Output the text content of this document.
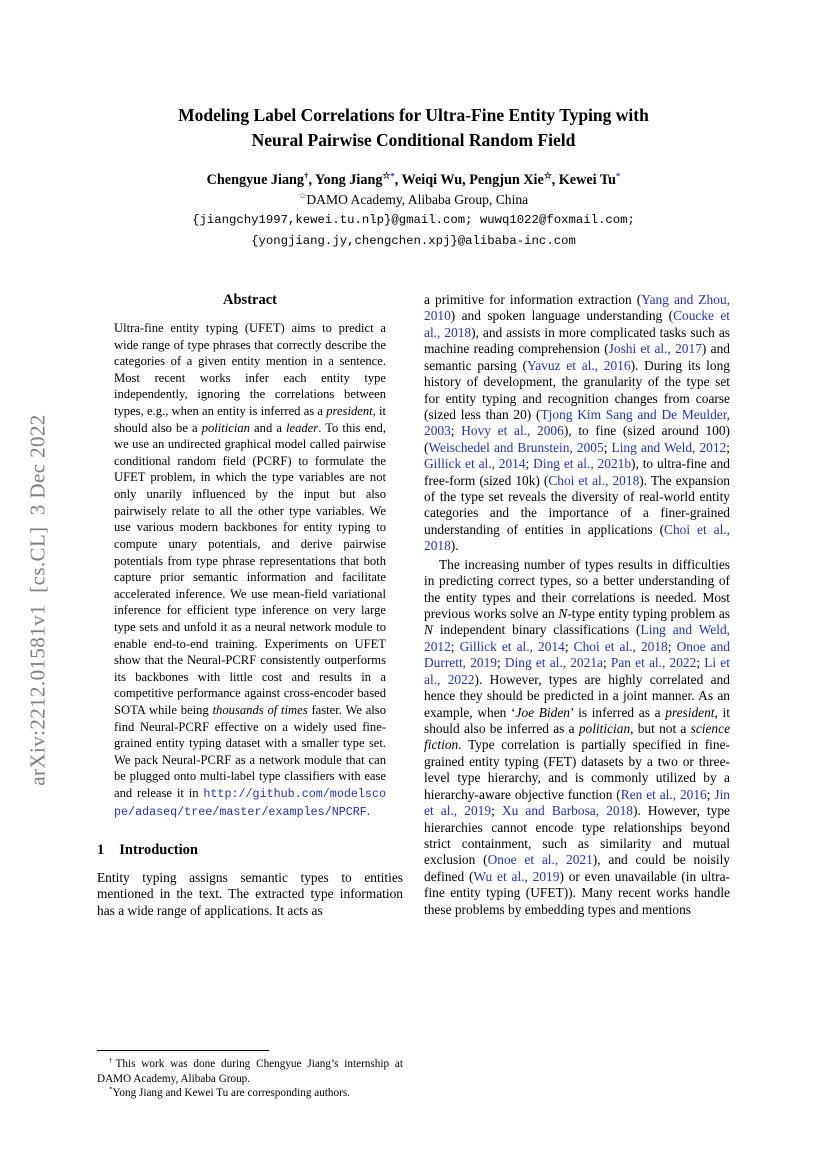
arXiv:2212.01581v1  [cs.CL]  3 Dec 2022
Modeling Label Correlations for Ultra-Fine Entity Typing with
Neural Pairwise Conditional Random Field
Chengyue Jiang†, Yong Jiang☆*, Weiqi Wu, Pengjun Xie☆, Kewei Tu*
☆DAMO Academy, Alibaba Group, China
{jiangchy1997,kewei.tu.nlp}@gmail.com; wuwq1022@foxmail.com;
{yongjiang.jy,chengchen.xpj}@alibaba-inc.com
Abstract
Ultra-fine entity typing (UFET) aims to predict a wide range of type phrases that correctly describe the categories of a given entity mention in a sentence. Most recent works infer each entity type independently, ignoring the correlations between types, e.g., when an entity is inferred as a president, it should also be a politician and a leader. To this end, we use an undirected graphical model called pairwise conditional random field (PCRF) to formulate the UFET problem, in which the type variables are not only unarily influenced by the input but also pairwisely relate to all the other type variables. We use various modern backbones for entity typing to compute unary potentials, and derive pairwise potentials from type phrase representations that both capture prior semantic information and facilitate accelerated inference. We use mean-field variational inference for efficient type inference on very large type sets and unfold it as a neural network module to enable end-to-end training. Experiments on UFET show that the Neural-PCRF consistently outperforms its backbones with little cost and results in a competitive performance against cross-encoder based SOTA while being thousands of times faster. We also find Neural-PCRF effective on a widely used fine-grained entity typing dataset with a smaller type set. We pack Neural-PCRF as a network module that can be plugged onto multi-label type classifiers with ease and release it in http://github.com/modelscope/adaseq/tree/master/examples/NPCRF.
1 Introduction

Entity typing assigns semantic types to entities mentioned in the text. The extracted type information has a wide range of applications. It acts as

a primitive for information extraction (Yang and Zhou, 2010) and spoken language understanding (Coucke et al., 2018), and assists in more complicated tasks such as machine reading comprehension (Joshi et al., 2017) and semantic parsing (Yavuz et al., 2016). During its long history of development, the granularity of the type set for entity typing and recognition changes from coarse (sized less than 20) (Tjong Kim Sang and De Meulder, 2003; Hovy et al., 2006), to fine (sized around 100) (Weischedel and Brunstein, 2005; Ling and Weld, 2012; Gillick et al., 2014; Ding et al., 2021b), to ultra-fine and free-form (sized 10k) (Choi et al., 2018). The expansion of the type set reveals the diversity of real-world entity categories and the importance of a finer-grained understanding of entities in applications (Choi et al., 2018).

The increasing number of types results in difficulties in predicting correct types, so a better understanding of the entity types and their correlations is needed. Most previous works solve an N-type entity typing problem as N independent binary classifications (Ling and Weld, 2012; Gillick et al., 2014; Choi et al., 2018; Onoe and Durrett, 2019; Ding et al., 2021a; Pan et al., 2022; Li et al., 2022). However, types are highly correlated and hence they should be predicted in a joint manner. As an example, when ‘Joe Biden’ is inferred as a president, it should also be inferred as a politician, but not a science fiction. Type correlation is partially specified in fine-grained entity typing (FET) datasets by a two or three-level type hierarchy, and is commonly utilized by a hierarchy-aware objective function (Ren et al., 2016; Jin et al., 2019; Xu and Barbosa, 2018). However, type hierarchies cannot encode type relationships beyond strict containment, such as similarity and mutual exclusion (Onoe et al., 2021), and could be noisily defined (Wu et al., 2019) or even unavailable (in ultra-fine entity typing (UFET)). Many recent works handle these problems by embedding types and mentions

†This work was done during Chengyue Jiang’s internship at DAMO Academy, Alibaba Group.

*Yong Jiang and Kewei Tu are corresponding authors.
